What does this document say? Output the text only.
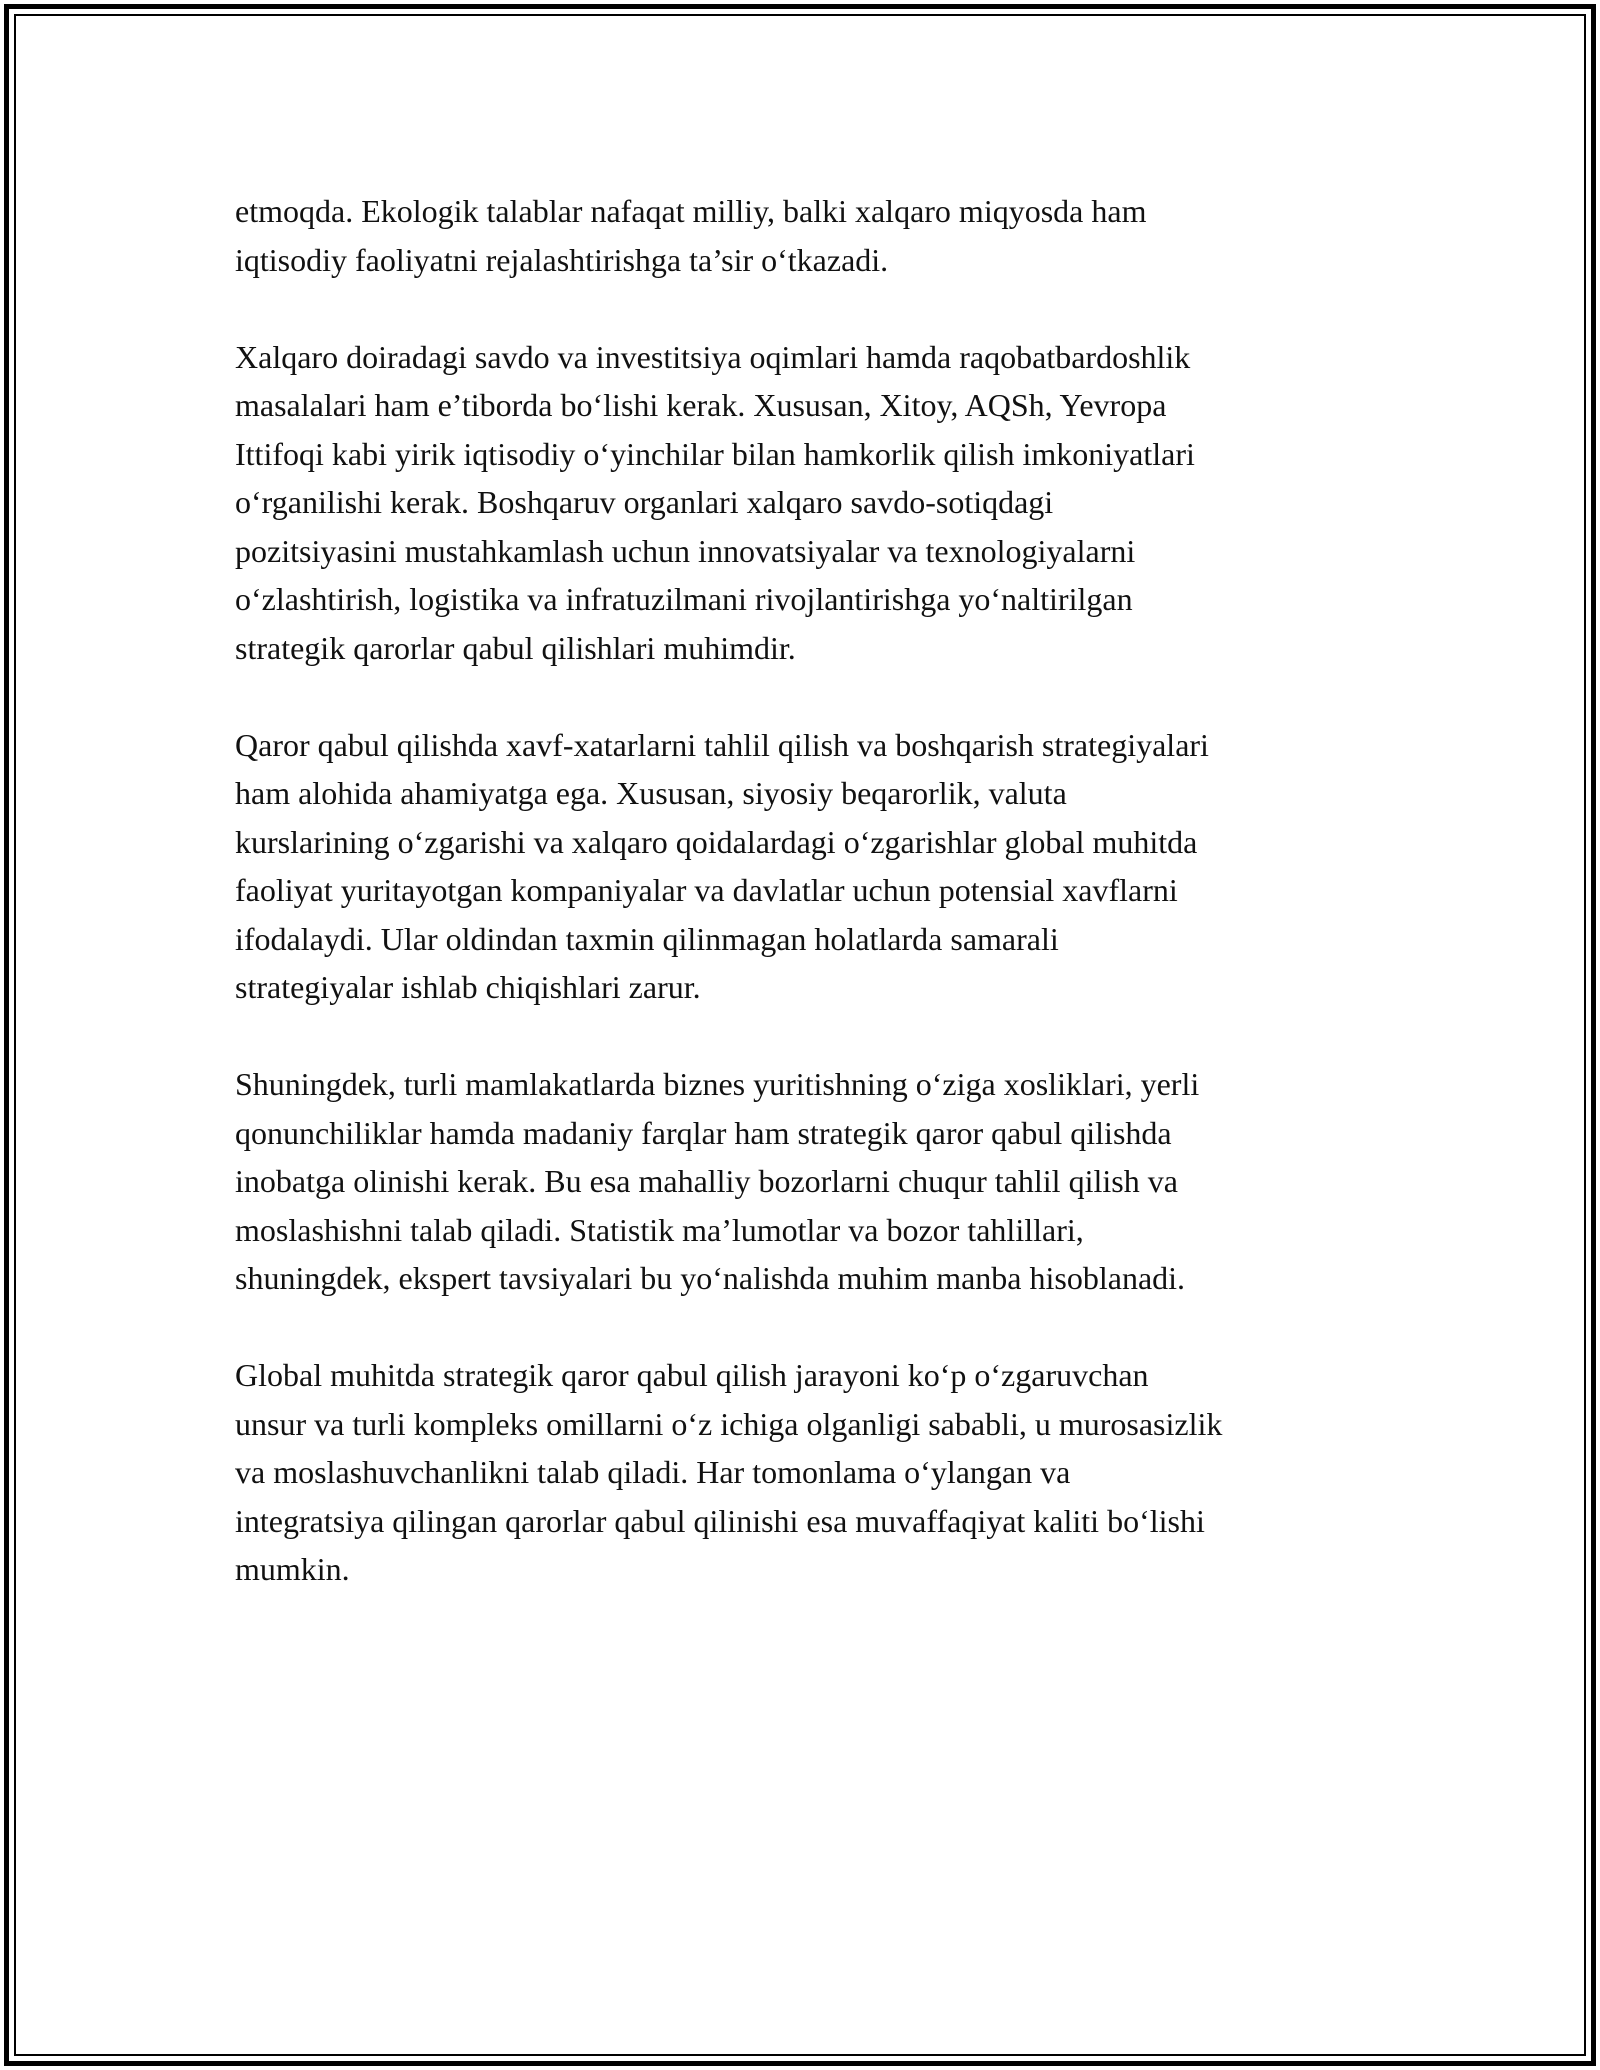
etmoqda. Ekologik talablar nafaqat milliy, balki xalqaro miqyosda ham
iqtisodiy faoliyatni rejalashtirishga ta’sir o‘tkazadi.

Xalqaro doiradagi savdo va investitsiya oqimlari hamda raqobatbardoshlik
masalalari ham e’tiborda bo‘lishi kerak. Xususan, Xitoy, AQSh, Yevropa
Ittifoqi kabi yirik iqtisodiy o‘yinchilar bilan hamkorlik qilish imkoniyatlari
o‘rganilishi kerak. Boshqaruv organlari xalqaro savdo-sotiqdagi
pozitsiyasini mustahkamlash uchun innovatsiyalar va texnologiyalarni
o‘zlashtirish, logistika va infratuzilmani rivojlantirishga yo‘naltirilgan
strategik qarorlar qabul qilishlari muhimdir.

Qaror qabul qilishda xavf-xatarlarni tahlil qilish va boshqarish strategiyalari
ham alohida ahamiyatga ega. Xususan, siyosiy beqarorlik, valuta
kurslarining o‘zgarishi va xalqaro qoidalardagi o‘zgarishlar global muhitda
faoliyat yuritayotgan kompaniyalar va davlatlar uchun potensial xavflarni
ifodalaydi. Ular oldindan taxmin qilinmagan holatlarda samarali
strategiyalar ishlab chiqishlari zarur.

Shuningdek, turli mamlakatlarda biznes yuritishning o‘ziga xosliklari, yerli
qonunchiliklar hamda madaniy farqlar ham strategik qaror qabul qilishda
inobatga olinishi kerak. Bu esa mahalliy bozorlarni chuqur tahlil qilish va
moslashishni talab qiladi. Statistik ma’lumotlar va bozor tahlillari,
shuningdek, ekspert tavsiyalari bu yo‘nalishda muhim manba hisoblanadi.

Global muhitda strategik qaror qabul qilish jarayoni ko‘p o‘zgaruvchan
unsur va turli kompleks omillarni o‘z ichiga olganligi sababli, u murosasizlik
va moslashuvchanlikni talab qiladi. Har tomonlama o‘ylangan va
integratsiya qilingan qarorlar qabul qilinishi esa muvaffaqiyat kaliti bo‘lishi
mumkin.
